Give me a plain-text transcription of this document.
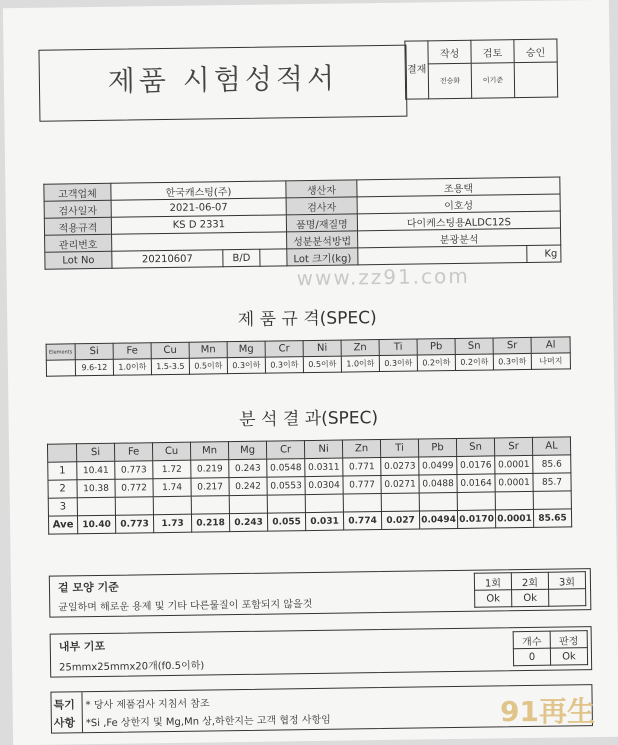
제품 시험성적서	결재	작성	검토	승인
	전승화	이기준	
고객업체	한국캐스팅(주)			생산자	조용택	
검사일자	2021-06-07			검사자	이호성	
적용규격	KS D 2331			품명/재질명	다이케스팅용ALDC12S	
관리번호				성분분석방법	분광분석	
Lot No	20210607	B/D		Lot 크기(kg)		Kg
www.zz91.com
제 품 규 격(SPEC)
Elements	Si	Fe	Cu	Mn	Mg	Cr	Ni	Zn	Ti	Pb	Sn	Sr	Al
	9.6-12	1.0이하	1.5-3.5	0.5이하	0.3이하	0.3이하	0.5이하	1.0이하	0.3이하	0.2이하	0.2이하	0.3이하	나머지
분 석 결 과(SPEC)
	Si	Fe	Cu	Mn	Mg	Cr	Ni	Zn	Ti	Pb	Sn	Sr	AL
1	10.41	0.773	1.72	0.219	0.243	0.0548	0.0311	0.771	0.0273	0.0499	0.0176	0.0001	85.6
2	10.38	0.772	1.74	0.217	0.242	0.0553	0.0304	0.777	0.0271	0.0488	0.0164	0.0001	85.7
3													
Ave	10.40	0.773	1.73	0.218	0.243	0.055	0.031	0.774	0.027	0.0494	0.0170	0.0001	85.65
겉 모양 기준
균일하며 해로운 용제 및 기타 다른물질이 포함되지 않을것
1회	2회	3회
Ok	Ok	
내부 기포
25mmx25mmx20개(f0.5이하)
개수	판정
0	Ok
특기
사항
* 당사 제품검사 지침서 참조
*Si ,Fe 상한지 및 Mg,Mn 상,하한지는 고객 협정 사항임	91再生
